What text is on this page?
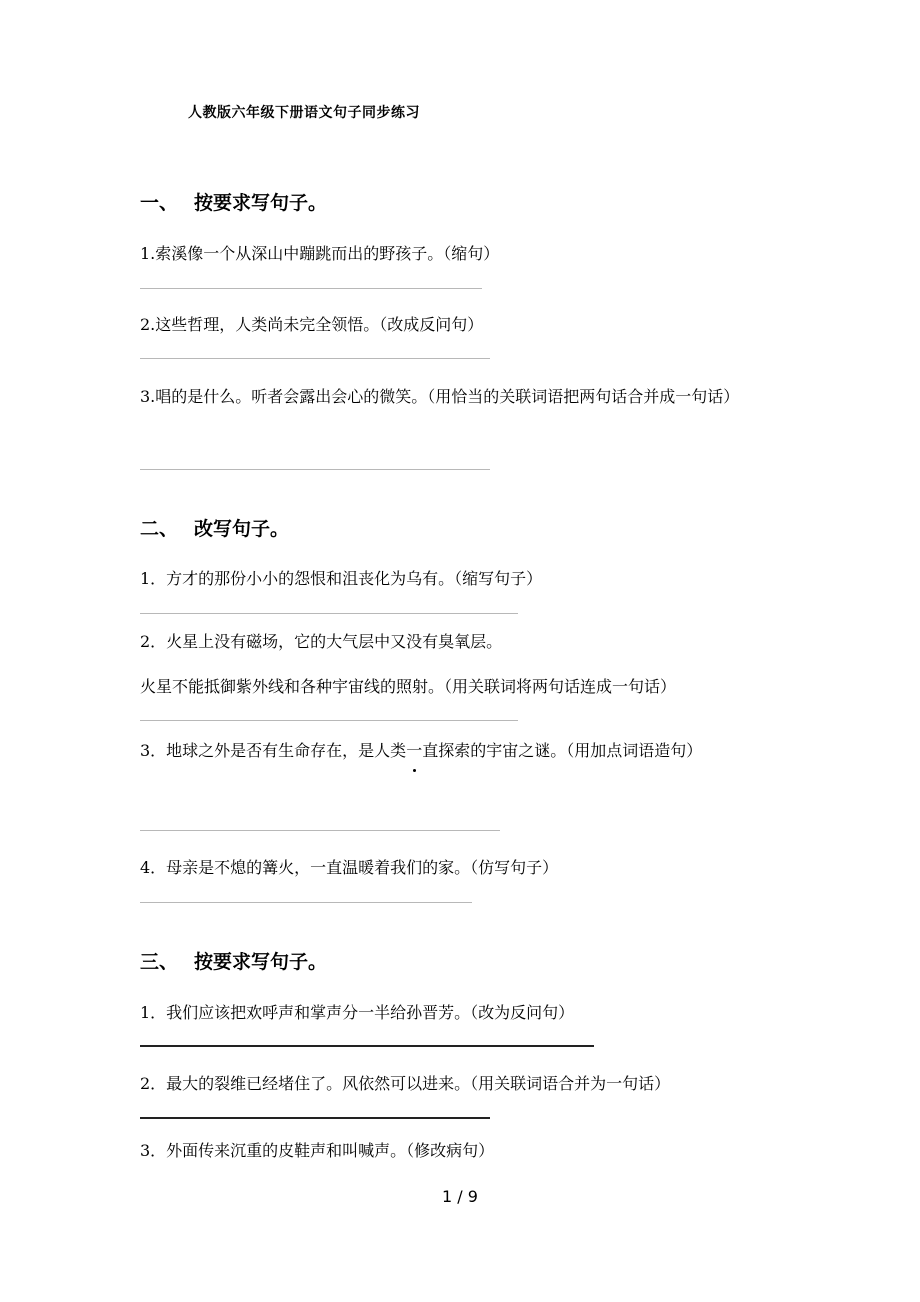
人教版六年级下册语文句子同步练习
一、 按要求写句子。
1.索溪像一个从深山中蹦跳而出的野孩子。（缩句）
2.这些哲理，人类尚未完全领悟。（改成反问句）
3.唱的是什么。听者会露出会心的微笑。（用恰当的关联词语把两句话合并成一句话）
二、 改写句子。
1．方才的那份小小的怨恨和沮丧化为乌有。（缩写句子）
2．火星上没有磁场，它的大气层中又没有臭氧层。
火星不能抵御紫外线和各种宇宙线的照射。（用关联词将两句话连成一句话）
3．地球之外是否有生命存在，是人类一直探索的宇宙之谜。（用加点词语造句）
4．母亲是不熄的篝火，一直温暖着我们的家。（仿写句子）
三、 按要求写句子。
1．我们应该把欢呼声和掌声分一半给孙晋芳。（改为反问句）
2．最大的裂维已经堵住了。风依然可以进来。（用关联词语合并为一句话）
3．外面传来沉重的皮鞋声和叫喊声。（修改病句）
1 / 9
